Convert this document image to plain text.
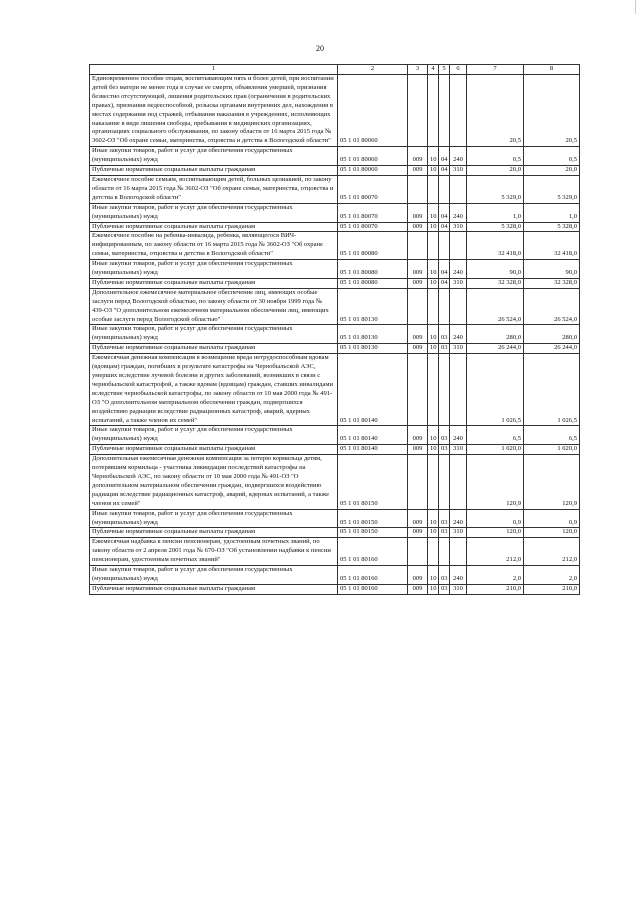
20
1	2	3	4	5	6	7	8
Единовременное пособие отцам, воспитывающим пять и более детей, при воспитании детей без матери не менее года в случае ее смерти, объявления умершей, признания безвестно отсутствующей, лишения родительских прав (ограничения в родительских правах), признания недееспособной, розыска органами внутренних дел, нахождения в местах содержания под стражей, отбывания наказания в учреждениях, исполняющих наказание в виде лишения свободы, пребывания в медицинских организациях, организациях социального обслуживания, по закону области от 16 марта 2015 года № 3602-ОЗ "Об охране семьи, материнства, отцовства и детства в Вологодской области"	05 1 01 80060					20,5	20,5
Иные закупки товаров, работ и услуг для обеспечения государственных (муниципальных) нужд	05 1 01 80060	009	10	04	240	0,5	0,5
Публичные нормативные социальные выплаты гражданам	05 1 01 80060	009	10	04	310	20,0	20,0
Ежемесячное пособие семьям, воспитывающим детей, больных целиакией, по закону области от 16 марта 2015 года № 3602-ОЗ "Об охране семьи, материнства, отцовства и детства в Вологодской области"	05 1 01 80070					5 329,0	5 329,0
Иные закупки товаров, работ и услуг для обеспечения государственных (муниципальных) нужд	05 1 01 80070	009	10	04	240	1,0	1,0
Публичные нормативные социальные выплаты гражданам	05 1 01 80070	009	10	04	310	5 328,0	5 328,0
Ежемесячное пособие на ребенка-инвалида, ребенка, являющегося ВИЧ-инфицированным, по закону области от 16 марта 2015 года № 3602-ОЗ "Об охране семьи, материнства, отцовства и детства в Вологодской области"	05 1 01 80080					32 418,0	32 418,0
Иные закупки товаров, работ и услуг для обеспечения государственных (муниципальных) нужд	05 1 01 80080	009	10	04	240	90,0	90,0
Публичные нормативные социальные выплаты гражданам	05 1 01 80080	009	10	04	310	32 328,0	32 328,0
Дополнительное ежемесячное материальное обеспечение лиц, имеющих особые заслуги перед Вологодской областью, по закону области от 30 ноября 1999 года № 439-ОЗ "О дополнительном ежемесячном материальном обеспечении лиц, имеющих особые заслуги перед Вологодской областью"	05 1 01 80130					26 524,0	26 524,0
Иные закупки товаров, работ и услуг для обеспечения государственных (муниципальных) нужд	05 1 01 80130	009	10	03	240	280,0	280,0
Публичные нормативные социальные выплаты гражданам	05 1 01 80130	009	10	03	310	26 244,0	26 244,0
Ежемесячная денежная компенсация в возмещение вреда нетрудоспособным вдовам (вдовцам) граждан, погибших в результате катастрофы на Чернобыльской АЭС, умерших вследствие лучевой болезни и других заболеваний, возникших в связи с чернобыльской катастрофой, а также вдовам (вдовцам) граждан, ставших инвалидами вследствие чернобыльской катастрофы, по закону области от 10 мая 2000 года № 491-ОЗ "О дополнительном материальном обеспечении граждан, подвергшихся воздействию радиации вследствие радиационных катастроф, аварий, ядерных испытаний, а также членов их семей"	05 1 01 80140					1 026,5	1 026,5
Иные закупки товаров, работ и услуг для обеспечения государственных (муниципальных) нужд	05 1 01 80140	009	10	03	240	6,5	6,5
Публичные нормативные социальные выплаты гражданам	05 1 01 80140	009	10	03	310	1 020,0	1 020,0
Дополнительная ежемесячная денежная компенсация за потерю кормильца детям, потерявшим кормильца - участника ликвидации последствий катастрофы на Чернобыльской АЭС, по закону области от 10 мая 2000 года № 491-ОЗ "О дополнительном материальном обеспечении граждан, подвергшихся воздействию радиации вследствие радиационных катастроф, аварий, ядерных испытаний, а также членов их семей"	05 1 01 80150					120,9	120,9
Иные закупки товаров, работ и услуг для обеспечения государственных (муниципальных) нужд	05 1 01 80150	009	10	03	240	0,9	0,9
Публичные нормативные социальные выплаты гражданам	05 1 01 80150	009	10	03	310	120,0	120,0
Ежемесячная надбавка к пенсии пенсионерам, удостоенным почетных званий, по закону области от 2 апреля 2001 года № 670-ОЗ "Об установлении надбавки к пенсии пенсионерам, удостоенным почетных званий"	05 1 01 80160					212,0	212,0
Иные закупки товаров, работ и услуг для обеспечения государственных (муниципальных) нужд	05 1 01 80160	009	10	03	240	2,0	2,0
Публичные нормативные социальные выплаты гражданам	05 1 01 80160	009	10	03	310	210,0	210,0
